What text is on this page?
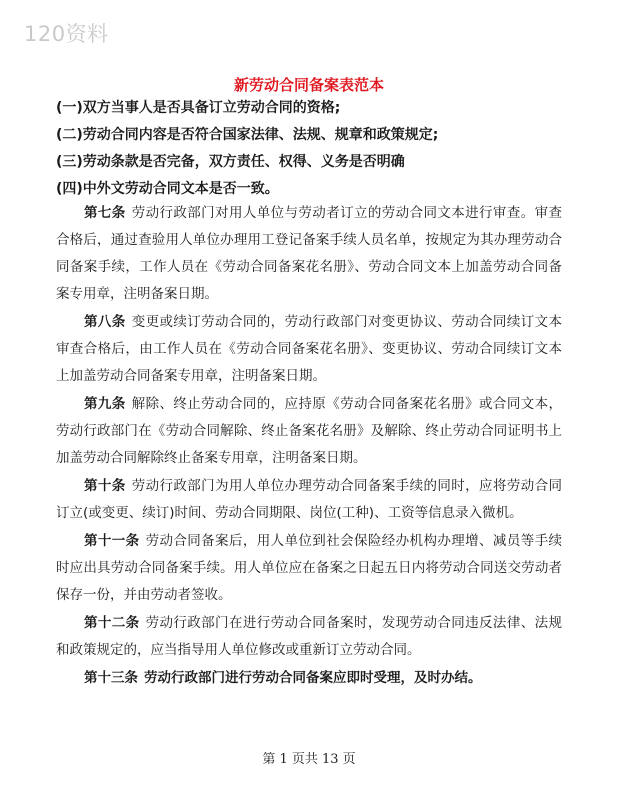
120资料
新劳动合同备案表范本
(一)双方当事人是否具备订立劳动合同的资格;
(二)劳动合同内容是否符合国家法律、法规、规章和政策规定;
(三)劳动条款是否完备，双方责任、权得、义务是否明确
(四)中外文劳动合同文本是否一致。
第七条 劳动行政部门对用人单位与劳动者订立的劳动合同文本进行审查。审查合格后，通过查验用人单位办理用工登记备案手续人员名单，按规定为其办理劳动合同备案手续，工作人员在《劳动合同备案花名册》、劳动合同文本上加盖劳动合同备案专用章，注明备案日期。
第八条 变更或续订劳动合同的，劳动行政部门对变更协议、劳动合同续订文本审查合格后，由工作人员在《劳动合同备案花名册》、变更协议、劳动合同续订文本上加盖劳动合同备案专用章，注明备案日期。
第九条 解除、终止劳动合同的，应持原《劳动合同备案花名册》或合同文本，劳动行政部门在《劳动合同解除、终止备案花名册》及解除、终止劳动合同证明书上加盖劳动合同解除终止备案专用章，注明备案日期。
第十条 劳动行政部门为用人单位办理劳动合同备案手续的同时，应将劳动合同订立(或变更、续订)时间、劳动合同期限、岗位(工种)、工资等信息录入微机。
第十一条 劳动合同备案后，用人单位到社会保险经办机构办理增、减员等手续时应出具劳动合同备案手续。用人单位应在备案之日起五日内将劳动合同送交劳动者保存一份，并由劳动者签收。
第十二条 劳动行政部门在进行劳动合同备案时，发现劳动合同违反法律、法规和政策规定的，应当指导用人单位修改或重新订立劳动合同。
第十三条 劳动行政部门进行劳动合同备案应即时受理，及时办结。
第 1 页共 13 页
